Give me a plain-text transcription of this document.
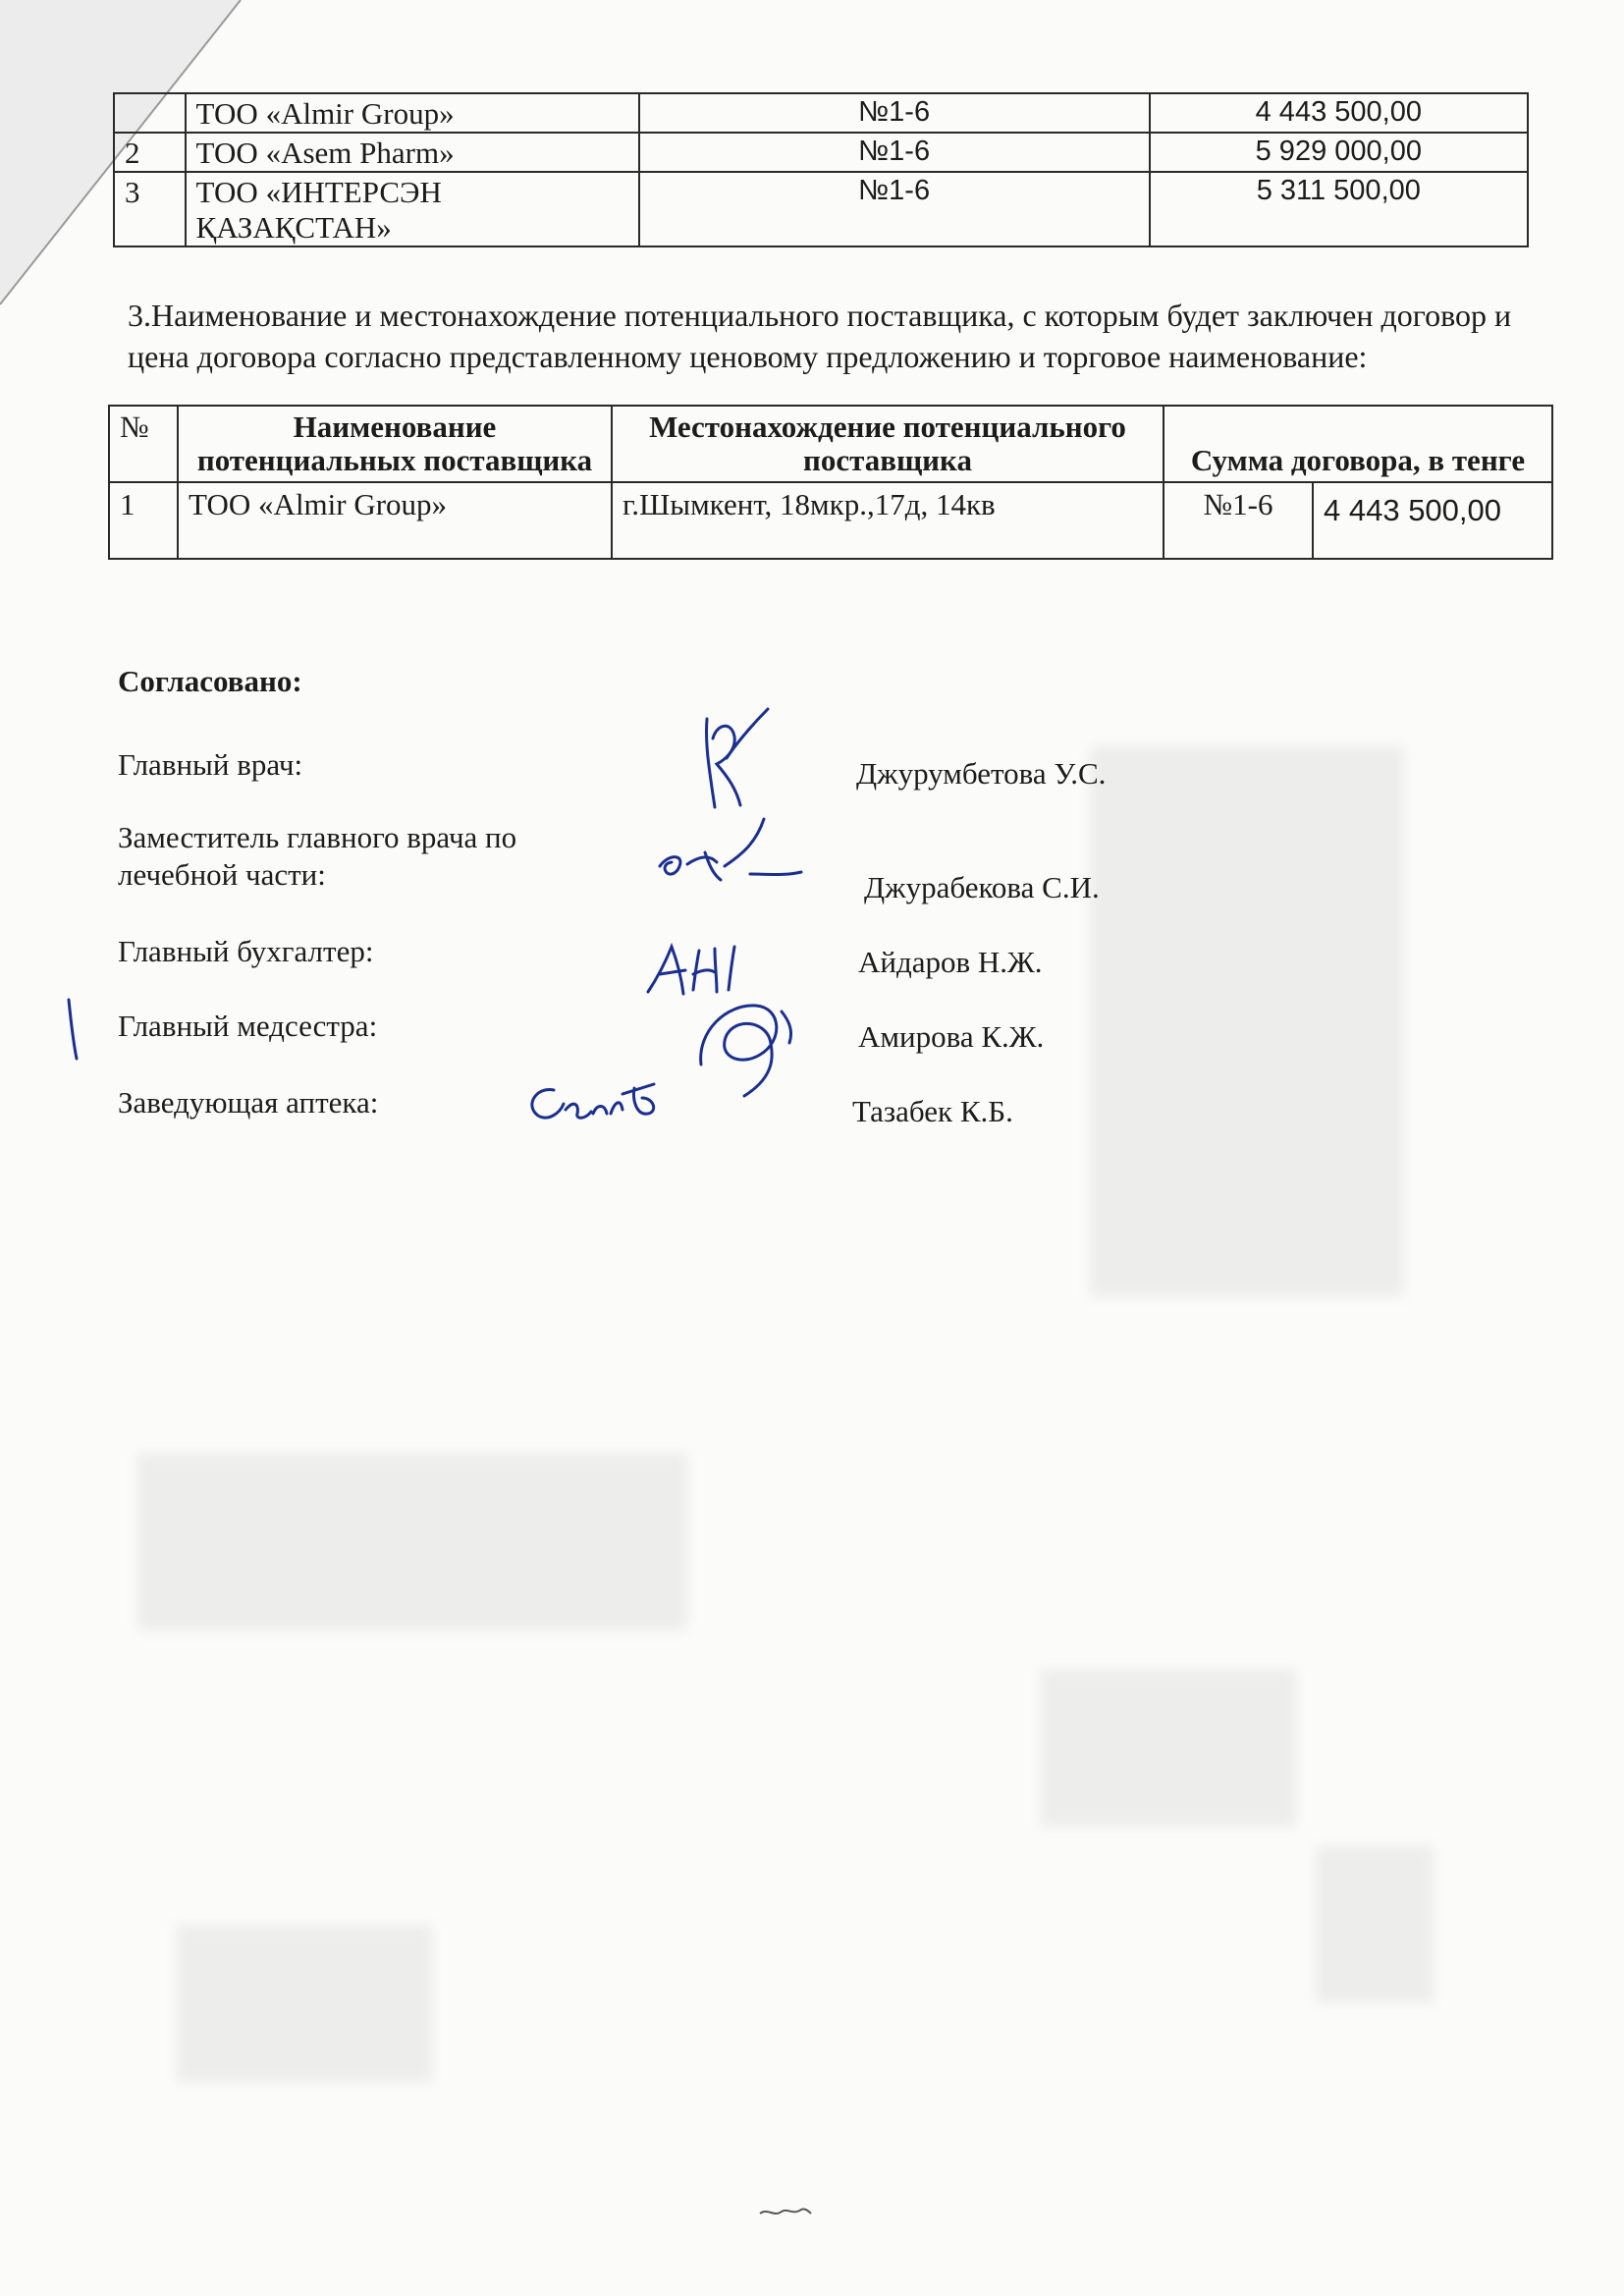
	ТОО «Almir Group»	№1-6	4 443 500,00
2	ТОО «Asem Pharm»	№1-6	5 929 000,00
3	ТОО «ИНТЕРСЭН ҚАЗАҚСТАН»	№1-6	5 311 500,00
3.Наименование и местонахождение потенциального поставщика, с которым будет заключен договор и цена договора согласно представленному ценовому предложению и торговое наименование:
№	Наименование потенциальных поставщика	Местонахождение потенциального поставщика	Сумма договора, в тенге	
1	ТОО «Almir Group»	г.Шымкент, 18мкр.,17д, 14кв	№1-6	4 443 500,00
Согласовано:
Главный врач:	Джурумбетова У.С.
Заместитель главного врача по лечебной части:	Джурабекова С.И.
Главный бухгалтер:	Айдаров Н.Ж.
Главный медсестра:	Амирова К.Ж.
Заведующая аптека:	Тазабек К.Б.
